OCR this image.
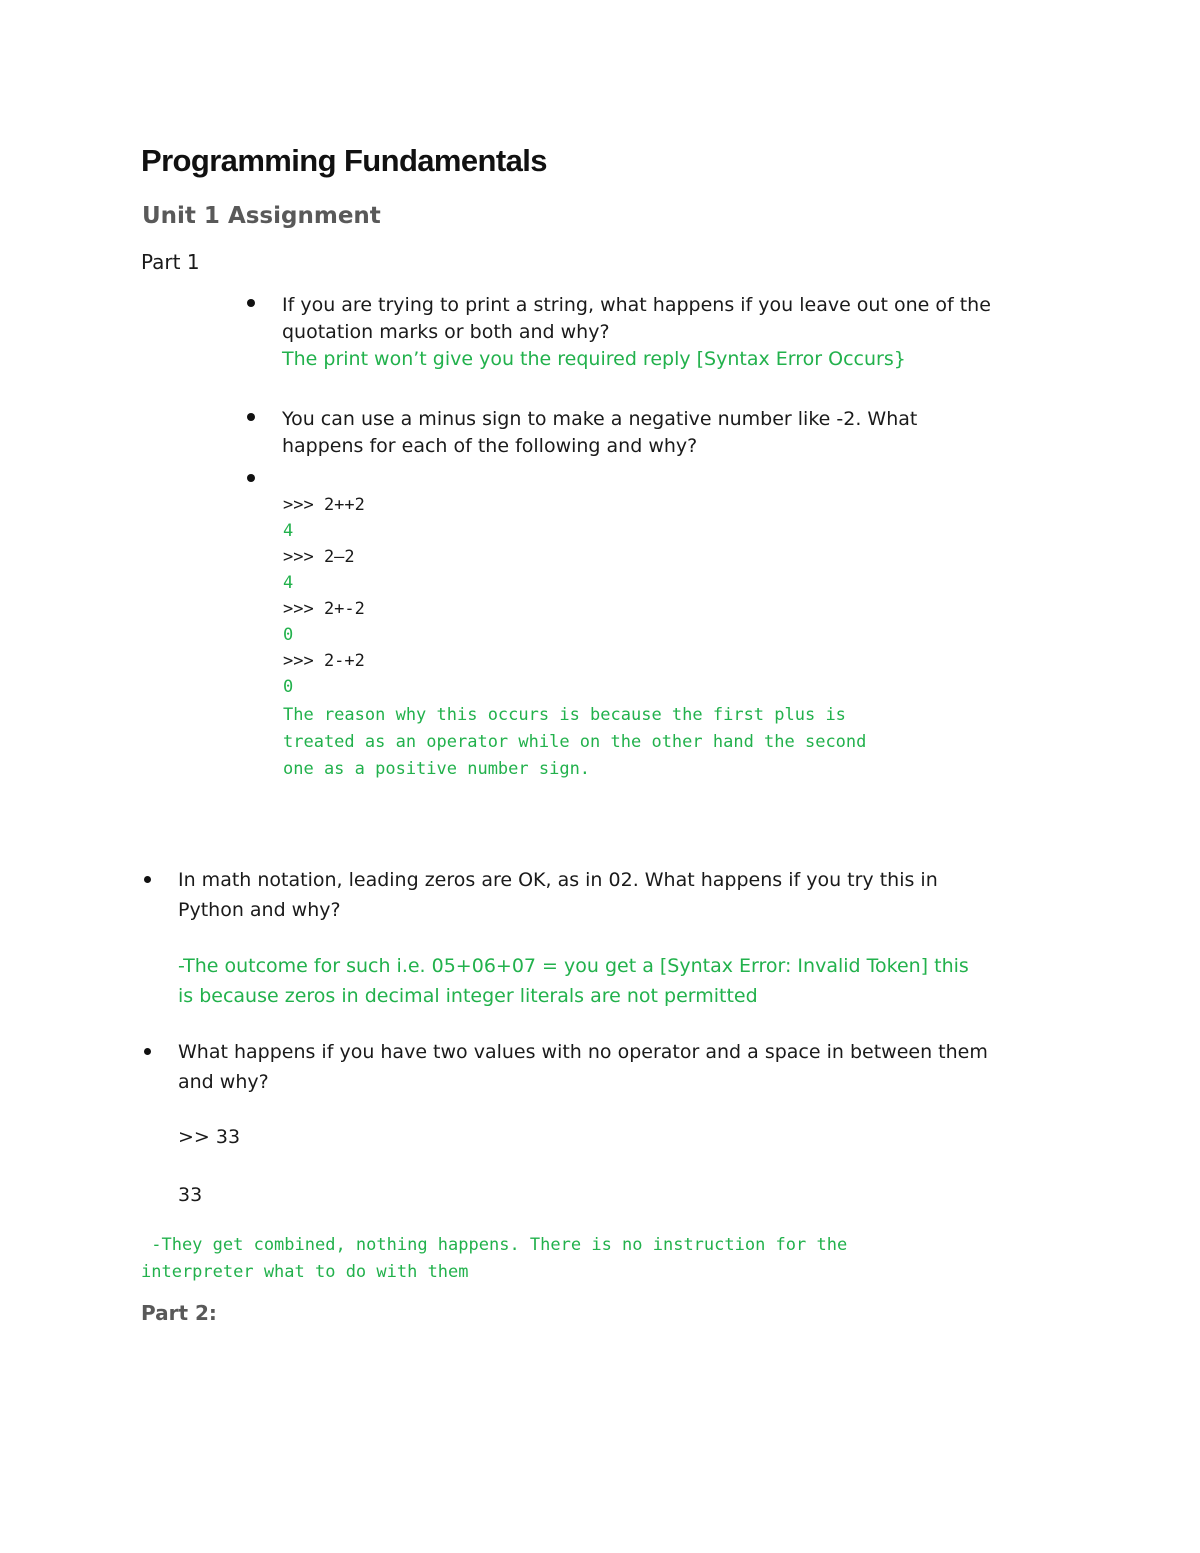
Programming Fundamentals
Unit 1 Assignment
Part 1
If you are trying to print a string, what happens if you leave out one of the
quotation marks or both and why?
The print won’t give you the required reply [Syntax Error Occurs}
You can use a minus sign to make a negative number like -2. What
happens for each of the following and why?
>>> 2++2
4
>>> 2—2
4
>>> 2+-2
0
>>> 2-+2
0
The reason why this occurs is because the first plus is
treated as an operator while on the other hand the second
one as a positive number sign.
In math notation, leading zeros are OK, as in 02. What happens if you try this in
Python and why?
-The outcome for such i.e. 05+06+07 = you get a [Syntax Error: Invalid Token] this
is because zeros in decimal integer literals are not permitted
What happens if you have two values with no operator and a space in between them
and why?
>> 33
33
-They get combined, nothing happens. There is no instruction for the
interpreter what to do with them
Part 2:
